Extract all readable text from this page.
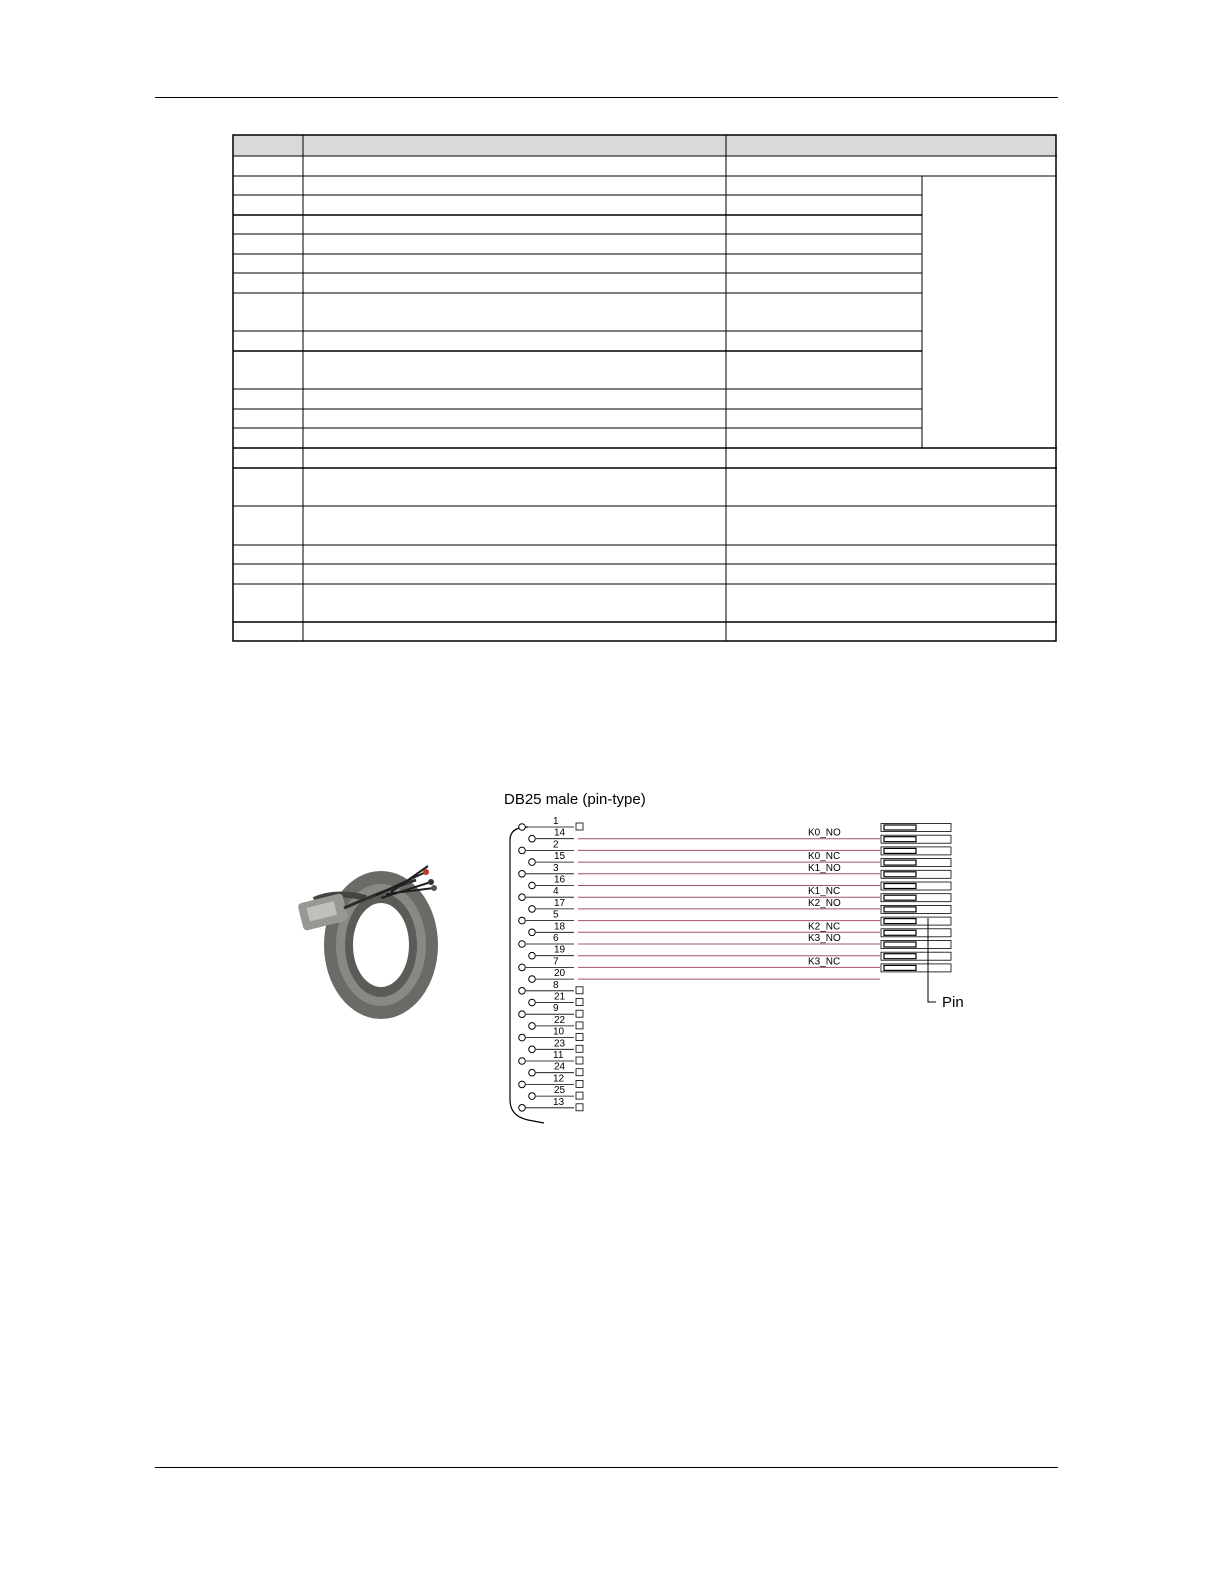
DB25 male (pin-type)
1
14
2
15
3
16
4
17
5
18
6
19
7
20
8
21
9
22
10
23
11
24
12
25
13
K0_NO
K0_NC
K1_NO
K1_NC
K2_NO
K2_NC
K3_NO
K3_NC
Pin
